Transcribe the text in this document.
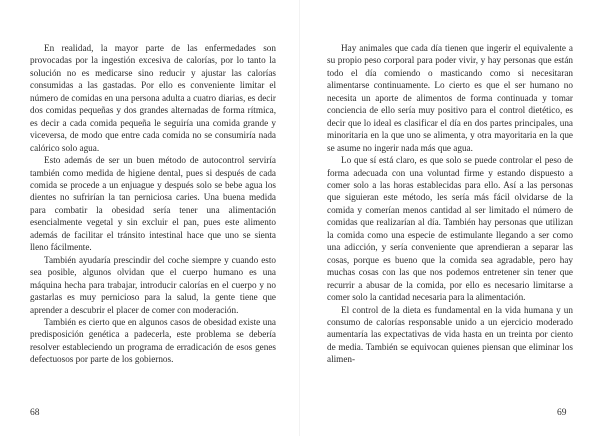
En realidad, la mayor parte de las enfermedades son provocadas por la ingestión excesiva de calorías, por lo tanto la solución no es medicarse sino reducir y ajustar las calorías consumidas a las gastadas. Por ello es conveniente limitar el número de comidas en una persona adulta a cuatro diarias, es decir dos comidas pequeñas y dos grandes alternadas de forma rítmica, es decir a cada comida pequeña le seguiría una comida grande y viceversa, de modo que entre cada comida no se consumiría nada calórico solo agua.

Esto además de ser un buen método de autocontrol serviría también como medida de higiene dental, pues si después de cada comida se procede a un enjuague y después solo se bebe agua los dientes no sufrirían la tan perniciosa caries. Una buena medida para combatir la obesidad sería tener una alimentación esencialmente vegetal y sin excluir el pan, pues este alimento además de facilitar el tránsito intestinal hace que uno se sienta lleno fácilmente.

También ayudaría prescindir del coche siempre y cuando esto sea posible, algunos olvidan que el cuerpo humano es una máquina hecha para trabajar, introducir calorías en el cuerpo y no gastarlas es muy pernicioso para la salud, la gente tiene que aprender a descubrir el placer de comer con moderación.

También es cierto que en algunos casos de obesidad existe una predisposición genética a padecerla, este problema se debería resolver estableciendo un programa de erradicación de esos genes defectuosos por parte de los gobiernos.

68

Hay animales que cada día tienen que ingerir el equivalente a su propio peso corporal para poder vivir, y hay personas que están todo el día comiendo o masticando como si necesitaran alimentarse continuamente. Lo cierto es que el ser humano no necesita un aporte de alimentos de forma continuada y tomar conciencia de ello sería muy positivo para el control dietético, es decir que lo ideal es clasificar el día en dos partes principales, una minoritaria en la que uno se alimenta, y otra mayoritaria en la que se asume no ingerir nada más que agua.

Lo que sí está claro, es que solo se puede controlar el peso de forma adecuada con una voluntad firme y estando dispuesto a comer solo a las horas establecidas para ello. Así a las personas que siguieran este método, les sería más fácil olvidarse de la comida y comerían menos cantidad al ser limitado el número de comidas que realizarían al día. También hay personas que utilizan la comida como una especie de estimulante llegando a ser como una adicción, y sería conveniente que aprendieran a separar las cosas, porque es bueno que la comida sea agradable, pero hay muchas cosas con las que nos podemos entretener sin tener que recurrir a abusar de la comida, por ello es necesario limitarse a comer solo la cantidad necesaria para la alimentación.

El control de la dieta es fundamental en la vida humana y un consumo de calorías responsable unido a un ejercicio moderado aumentaría las expectativas de vida hasta en un treinta por ciento de media. También se equivocan quienes piensan que eliminar los alimen-

69
